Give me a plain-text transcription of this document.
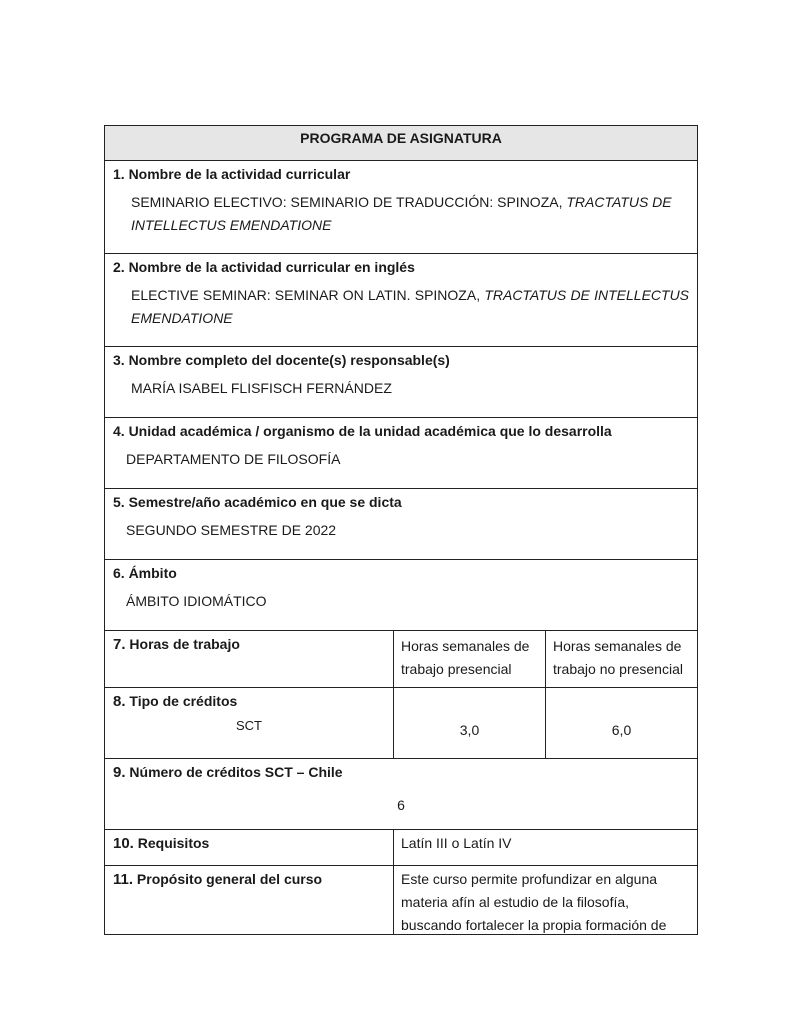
PROGRAMA DE ASIGNATURA		

1. Nombre de la actividad curricular
SEMINARIO ELECTIVO: SEMINARIO DE TRADUCCIÓN: SPINOZA, TRACTATUS DE INTELLECTUS EMENDATIONE		

2. Nombre de la actividad curricular en inglés
ELECTIVE SEMINAR: SEMINAR ON LATIN. SPINOZA, TRACTATUS DE INTELLECTUS EMENDATIONE		

3. Nombre completo del docente(s) responsable(s)
MARÍA ISABEL FLISFISCH FERNÁNDEZ		

4. Unidad académica / organismo de la unidad académica que lo desarrolla
DEPARTAMENTO DE FILOSOFÍA		

5. Semestre/año académico en que se dicta
SEGUNDO SEMESTRE DE 2022		

6. Ámbito
ÁMBITO IDIOMÁTICO		

7. Horas de trabajo	Horas semanales de trabajo presencial	Horas semanales de trabajo no presencial

8. Tipo de créditos
SCT	3,0	6,0

9. Número de créditos SCT – Chile
6		

10. Requisitos	Latín III o Latín IV	

11. Propósito general del curso	Este curso permite profundizar en alguna materia afín al estudio de la filosofía, buscando fortalecer la propia formación de	
